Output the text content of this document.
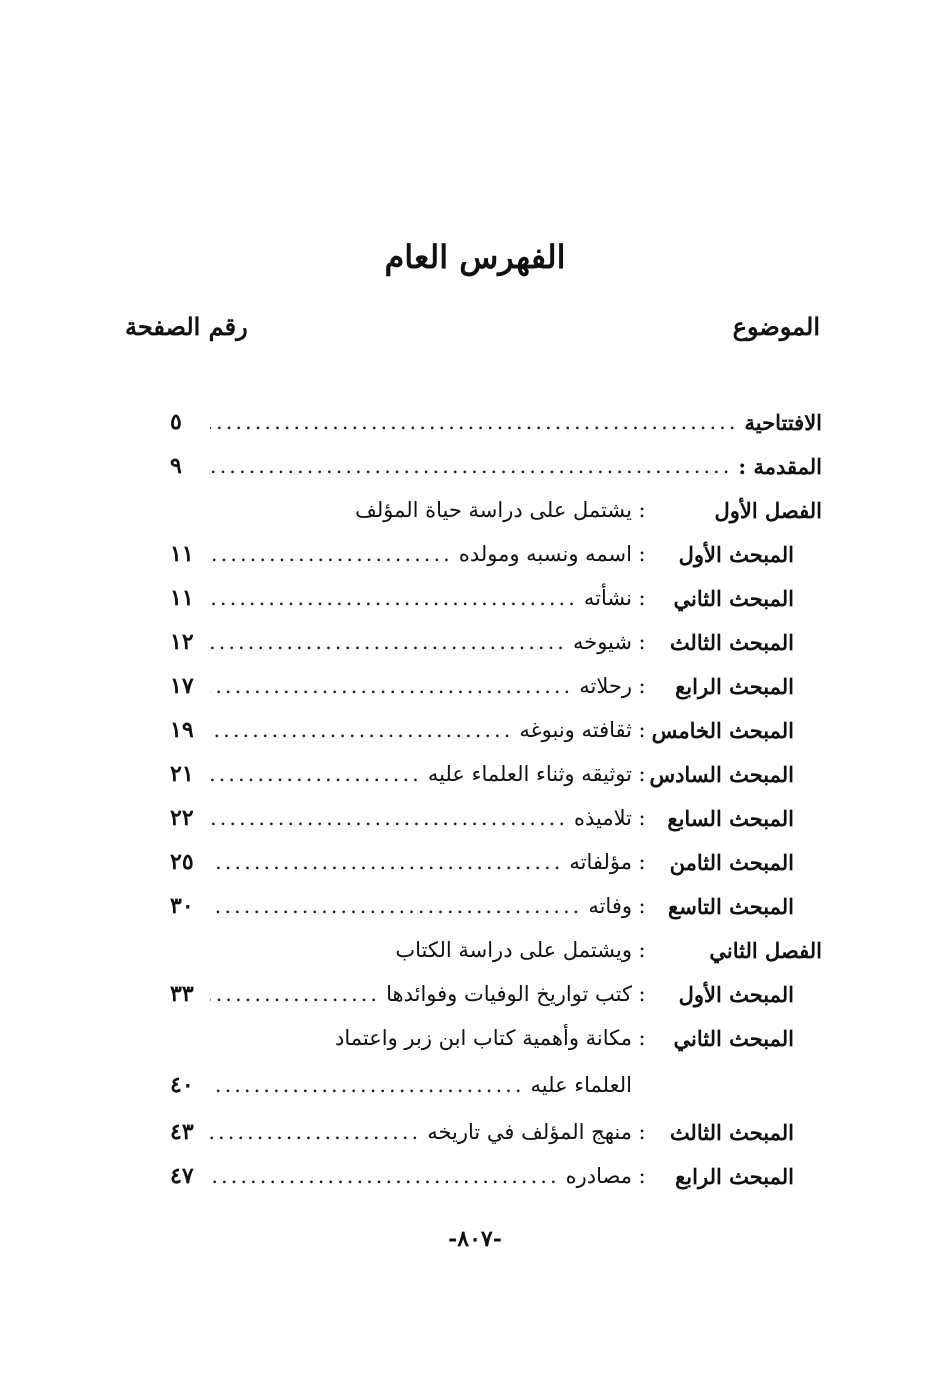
الفهرس العام
الموضوع
رقم الصفحة
الافتتاحية
.....
٥
المقدمة :
.....
٩
الفصل الأول
:
يشتمل على دراسة حياة المؤلف
المبحث الأول
:
اسمه ونسبه ومولده
.....
١١
المبحث الثاني
:
نشأته
.....
١١
المبحث الثالث
:
شيوخه
.....
١٢
المبحث الرابع
:
رحلاته
.....
١٧
المبحث الخامس
:
ثقافته ونبوغه
.....
١٩
المبحث السادس
:
توثيقه وثناء العلماء عليه
.....
٢١
المبحث السابع
:
تلاميذه
.....
٢٢
المبحث الثامن
:
مؤلفاته
.....
٢٥
المبحث التاسع
:
وفاته
.....
٣٠
الفصل الثاني
:
ويشتمل على دراسة الكتاب
المبحث الأول
:
كتب تواريخ الوفيات وفوائدها
.....
٣٣
المبحث الثاني
:
مكانة وأهمية كتاب ابن زبر واعتماد
العلماء عليه
.....
٤٠
المبحث الثالث
:
منهج المؤلف في تاريخه
.....
٤٣
المبحث الرابع
:
مصادره
.....
٤٧
-٨٠٧-
